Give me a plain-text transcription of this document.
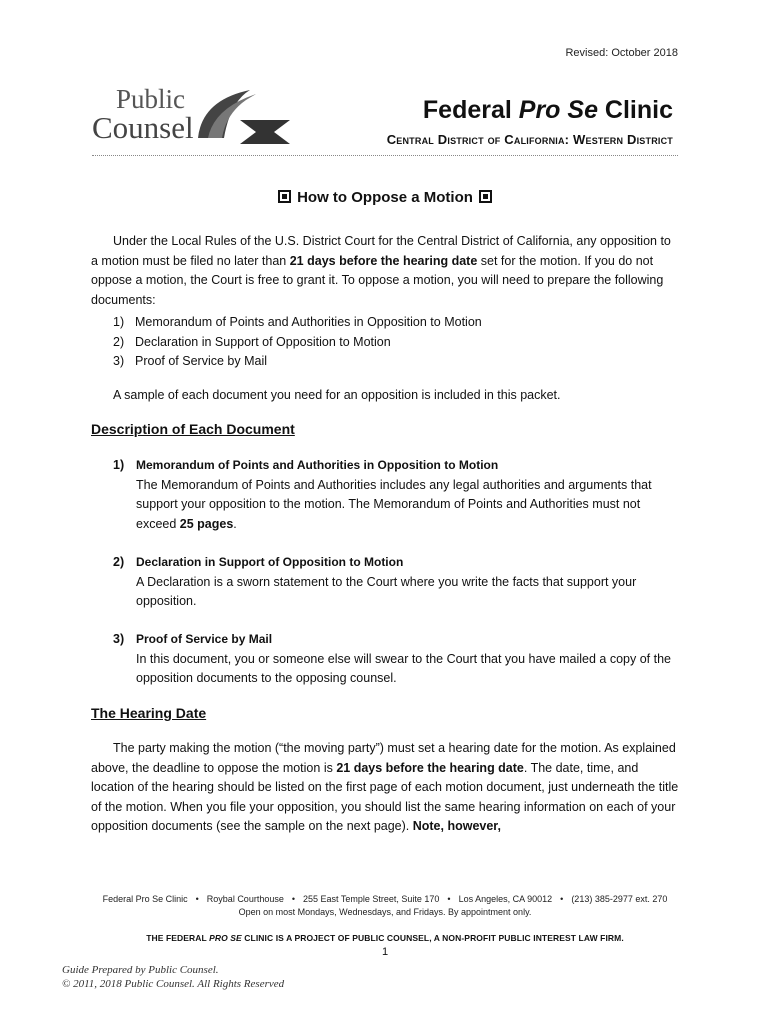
Revised: October 2018
Public
Counsel	Federal Pro Se Clinic
Central District of California: Western District
How to Oppose a Motion
Under the Local Rules of the U.S. District Court for the Central District of California, any opposition to a motion must be filed no later than 21 days before the hearing date set for the motion. If you do not oppose a motion, the Court is free to grant it. To oppose a motion, you will need to prepare the following documents:
1) Memorandum of Points and Authorities in Opposition to Motion
2) Declaration in Support of Opposition to Motion
3) Proof of Service by Mail
A sample of each document you need for an opposition is included in this packet.
Description of Each Document
1) Memorandum of Points and Authorities in Opposition to Motion
The Memorandum of Points and Authorities includes any legal authorities and arguments that support your opposition to the motion. The Memorandum of Points and Authorities must not exceed 25 pages.
2) Declaration in Support of Opposition to Motion
A Declaration is a sworn statement to the Court where you write the facts that support your opposition.
3) Proof of Service by Mail
In this document, you or someone else will swear to the Court that you have mailed a copy of the opposition documents to the opposing counsel.
The Hearing Date
The party making the motion (“the moving party”) must set a hearing date for the motion. As explained above, the deadline to oppose the motion is 21 days before the hearing date. The date, time, and location of the hearing should be listed on the first page of each motion document, just underneath the title of the motion. When you file your opposition, you should list the same hearing information on each of your opposition documents (see the sample on the next page). Note, however,
Federal Pro Se Clinic • Roybal Courthouse • 255 East Temple Street, Suite 170 • Los Angeles, CA 90012 • (213) 385-2977 ext. 270
Open on most Mondays, Wednesdays, and Fridays. By appointment only.
THE FEDERAL PRO SE CLINIC IS A PROJECT OF PUBLIC COUNSEL, A NON-PROFIT PUBLIC INTEREST LAW FIRM.
1
Guide Prepared by Public Counsel.
© 2011, 2018 Public Counsel. All Rights Reserved
